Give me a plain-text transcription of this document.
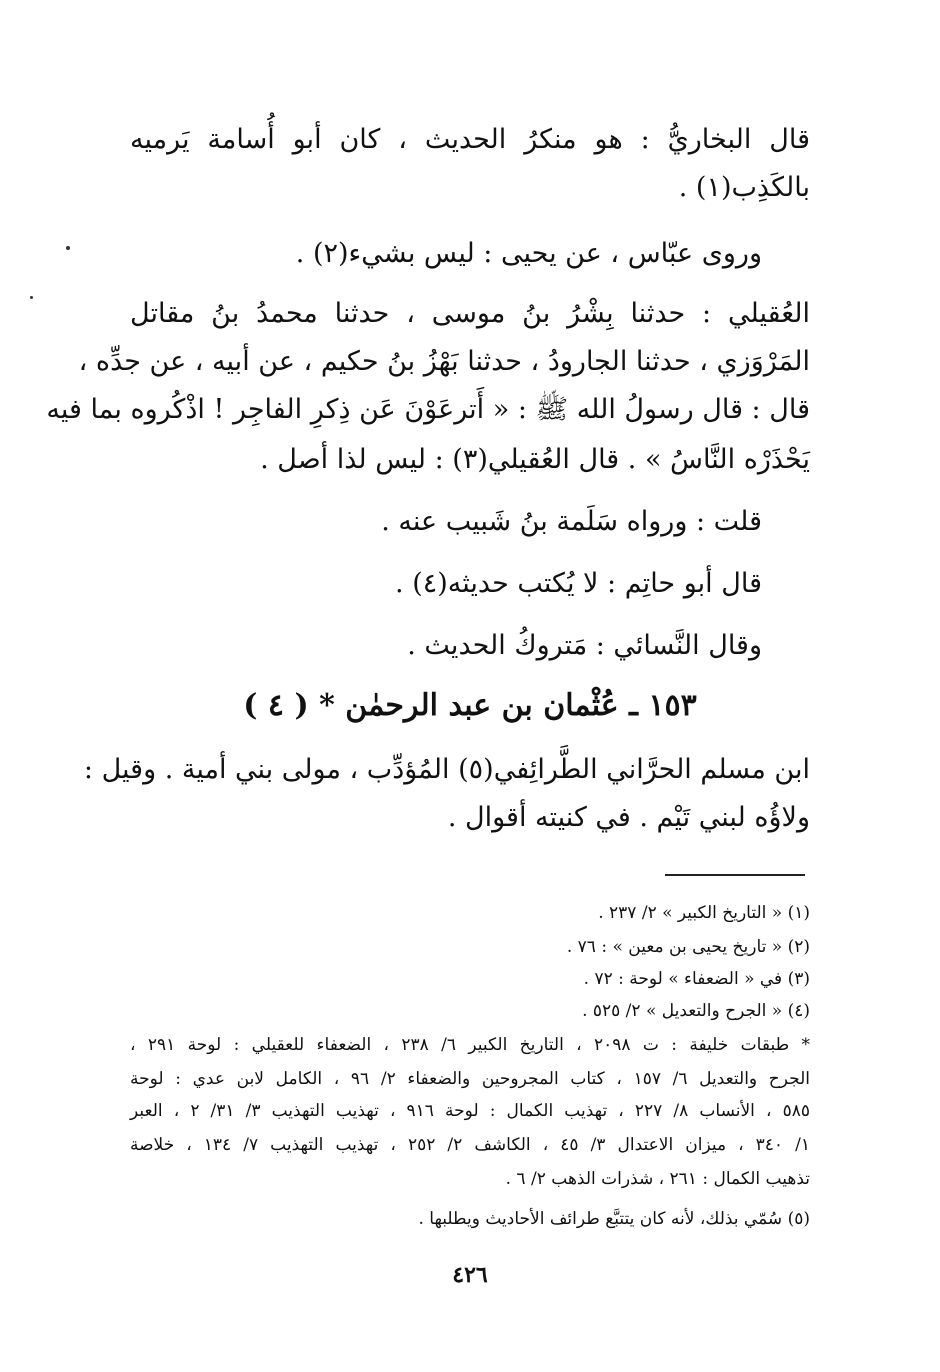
قال البخاريُّ : هو منكرُ الحديث ، كان أبو أُسامة يَرميه
بالكَذِب(١) .
وروى عبّاس ، عن يحيى : ليس بشيء(٢) .
العُقيلي : حدثنا بِشْرُ بنُ موسى ، حدثنا محمدُ بنُ مقاتل
المَرْوَزي ، حدثنا الجارودُ ، حدثنا بَهْزُ بنُ حكيم ، عن أبيه ، عن جدِّه ،
قال : قال رسولُ الله ﷺ : « أَترعَوْنَ عَن ذِكرِ الفاجِر ! اذْكُروه بما فيه
يَحْذَرْه النَّاسُ » . قال العُقيلي(٣) : ليس لذا أصل .
قلت : ورواه سَلَمة بنُ شَبيب عنه .
قال أبو حاتِم : لا يُكتب حديثه(٤) .
وقال النَّسائي : مَتروكُ الحديث .
ابن مسلم الحرَّاني الطَّرائِفي(٥) المُؤدِّب ، مولى بني أمية . وقيل :
ولاؤُه لبني تَيْم . في كنيته أقوال .
١٥٣ ـ عُثْمان بن عبد الرحمٰن * ( ٤ )
(١) « التاريخ الكبير » ٢/ ٢٣٧ .
(٢) « تاريخ يحيى بن معين » : ٧٦ .
(٣) في « الضعفاء » لوحة : ٧٢ .
(٤) « الجرح والتعديل » ٢/ ٥٢٥ .
* طبقات خليفة : ت ٢٠٩٨ ، التاريخ الكبير ٦/ ٢٣٨ ، الضعفاء للعقيلي : لوحة ٢٩١ ،
الجرح والتعديل ٦/ ١٥٧ ، كتاب المجروحين والضعفاء ٢/ ٩٦ ، الكامل لابن عدي : لوحة
٥٨٥ ، الأنساب ٨/ ٢٢٧ ، تهذيب الكمال : لوحة ٩١٦ ، تهذيب التهذيب ٣/ ٣١/ ٢ ، العبر
١/ ٣٤٠ ، ميزان الاعتدال ٣/ ٤٥ ، الكاشف ٢/ ٢٥٢ ، تهذيب التهذيب ٧/ ١٣٤ ، خلاصة
تذهيب الكمال : ٢٦١ ، شذرات الذهب ٢/ ٦ .
(٥) سُمّي بذلك، لأنه كان يتتبَّع طرائف الأحاديث ويطلبها .
٤٢٦
